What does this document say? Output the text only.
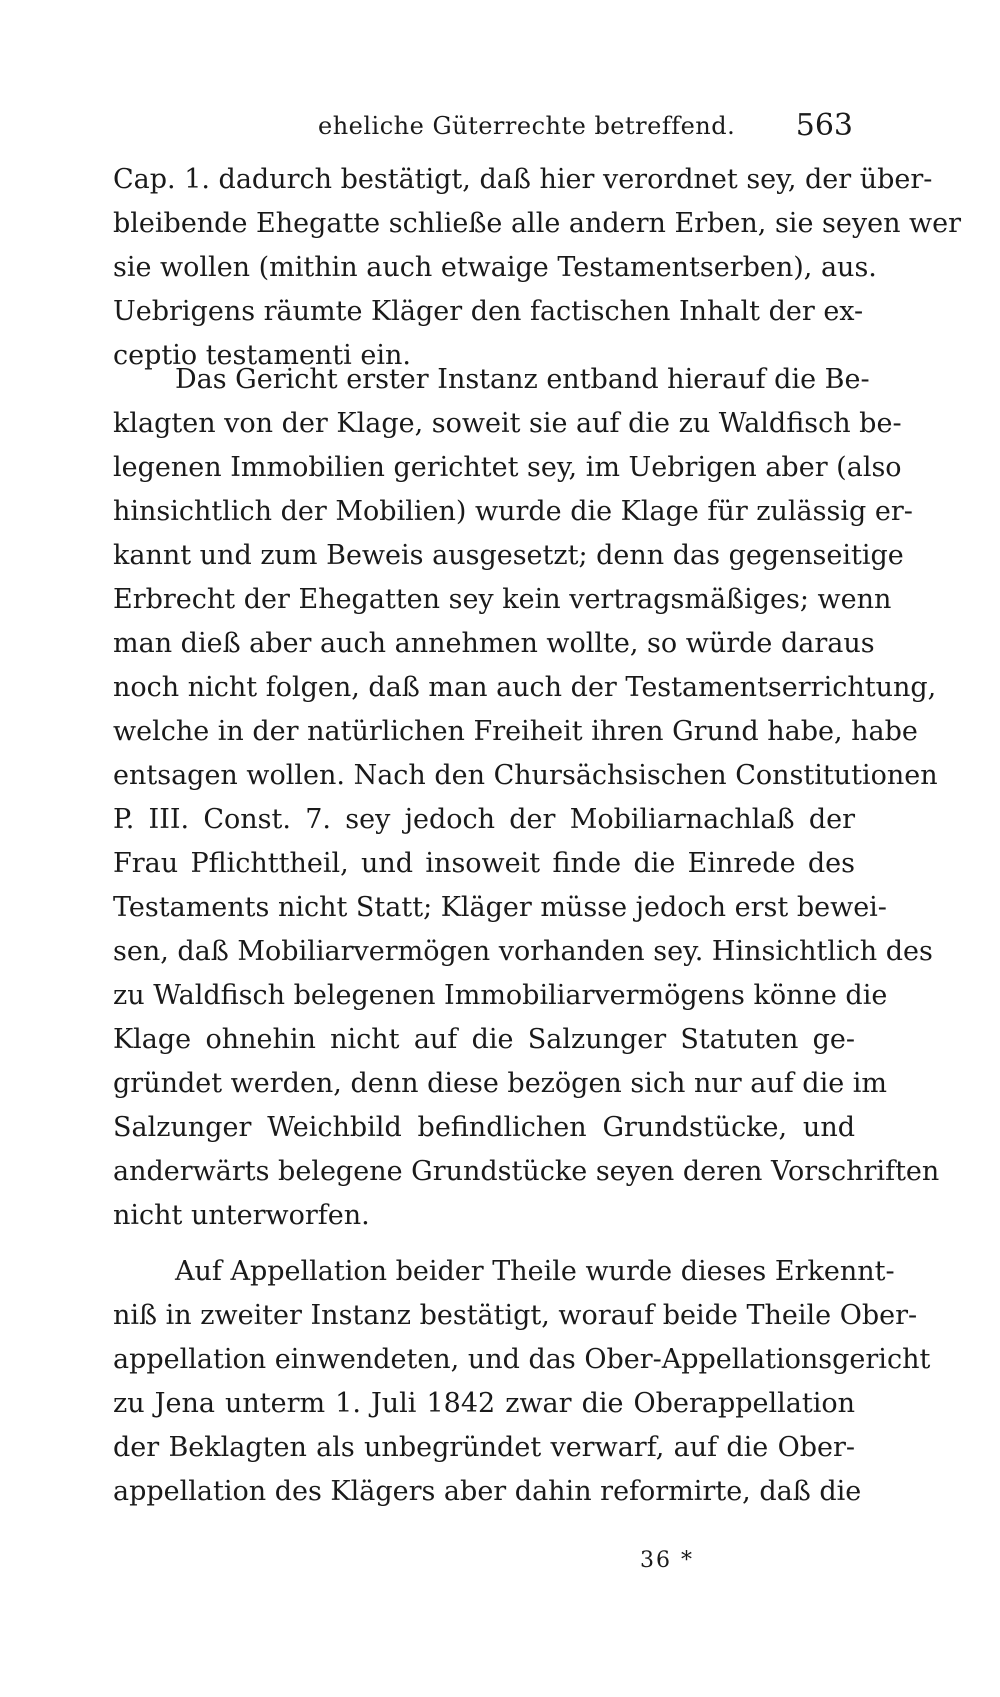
eheliche Güterrechte betreffend. 563
Cap. 1. dadurch bestätigt, daß hier verordnet sey, der über-
bleibende Ehegatte schließe alle andern Erben, sie seyen wer
sie wollen (mithin auch etwaige Testamentserben), aus.
Uebrigens räumte Kläger den factischen Inhalt der ex-
ceptio testamenti ein.
Das Gericht erster Instanz entband hierauf die Be-
klagten von der Klage, soweit sie auf die zu Waldfisch be-
legenen Immobilien gerichtet sey, im Uebrigen aber (also
hinsichtlich der Mobilien) wurde die Klage für zulässig er-
kannt und zum Beweis ausgesetzt; denn das gegenseitige
Erbrecht der Ehegatten sey kein vertragsmäßiges; wenn
man dieß aber auch annehmen wollte, so würde daraus
noch nicht folgen, daß man auch der Testamentserrichtung,
welche in der natürlichen Freiheit ihren Grund habe, habe
entsagen wollen. Nach den Chursächsischen Constitutionen
P. III. Const. 7. sey jedoch der Mobiliarnachlaß der
Frau Pflichttheil, und insoweit finde die Einrede des
Testaments nicht Statt; Kläger müsse jedoch erst bewei-
sen, daß Mobiliarvermögen vorhanden sey. Hinsichtlich des
zu Waldfisch belegenen Immobiliarvermögens könne die
Klage ohnehin nicht auf die Salzunger Statuten ge-
gründet werden, denn diese bezögen sich nur auf die im
Salzunger Weichbild befindlichen Grundstücke, und
anderwärts belegene Grundstücke seyen deren Vorschriften
nicht unterworfen.
Auf Appellation beider Theile wurde dieses Erkennt-
niß in zweiter Instanz bestätigt, worauf beide Theile Ober-
appellation einwendeten, und das Ober-Appellationsgericht
zu Jena unterm 1. Juli 1842 zwar die Oberappellation
der Beklagten als unbegründet verwarf, auf die Ober-
appellation des Klägers aber dahin reformirte, daß die
36 *
